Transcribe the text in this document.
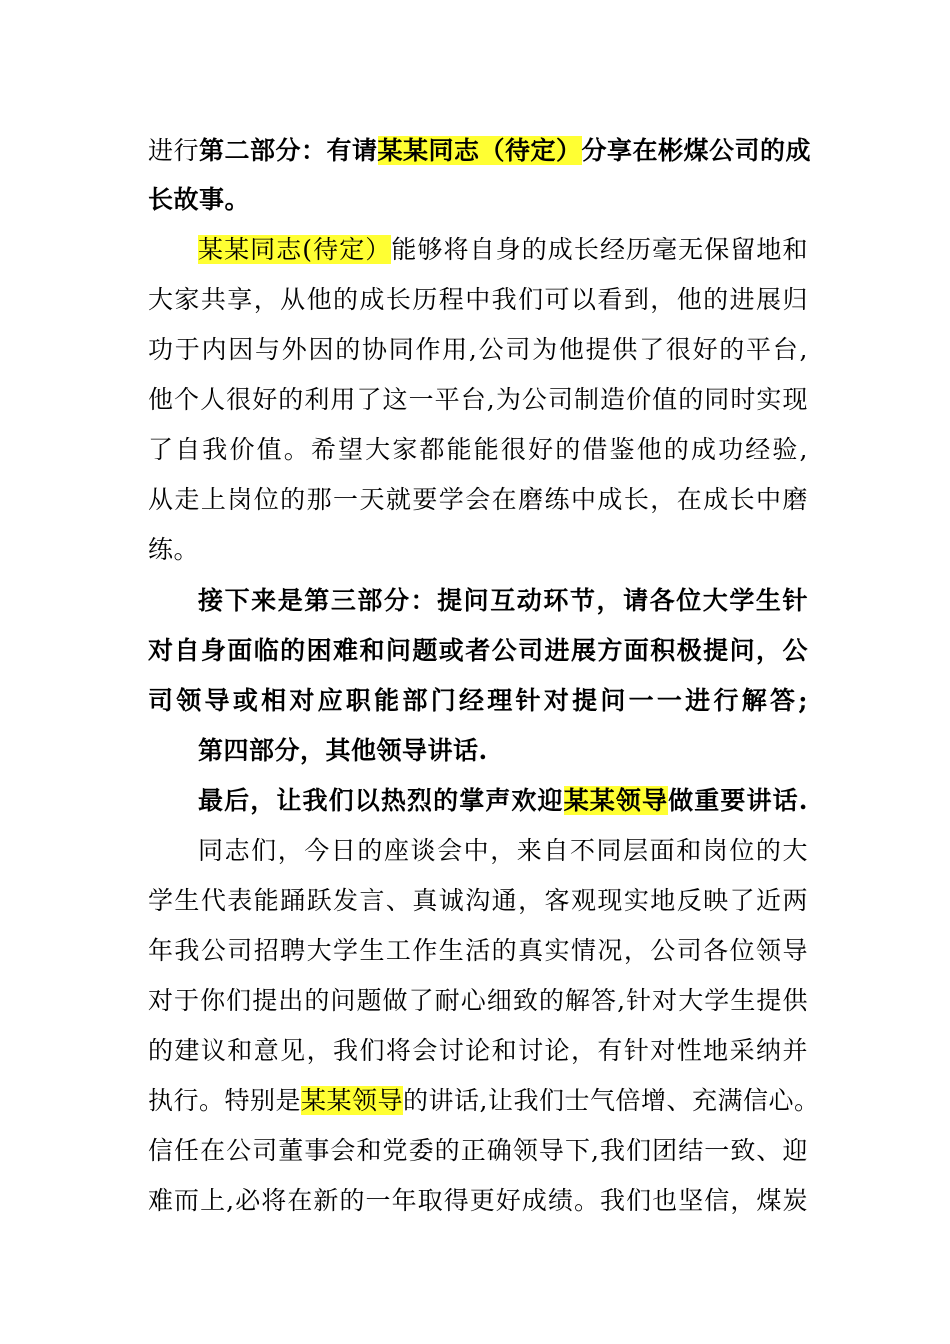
进行第二部分：有请某某同志（待定）分享在彬煤公司的成
长故事。
某某同志(待定）能够将自身的成长经历毫无保留地和
大家共享，从他的成长历程中我们可以看到，他的进展归
功于内因与外因的协同作用,公司为他提供了很好的平台,
他个人很好的利用了这一平台,为公司制造价值的同时实现
了自我价值。希望大家都能能很好的借鉴他的成功经验,
从走上岗位的那一天就要学会在磨练中成长，在成长中磨
练。
接下来是第三部分：提问互动环节，请各位大学生针
对自身面临的困难和问题或者公司进展方面积极提问，公
司领导或相对应职能部门经理针对提问一一进行解答;
第四部分，其他领导讲话.
最后，让我们以热烈的掌声欢迎某某领导做重要讲话.
同志们，今日的座谈会中，来自不同层面和岗位的大
学生代表能踊跃发言、真诚沟通，客观现实地反映了近两
年我公司招聘大学生工作生活的真实情况，公司各位领导
对于你们提出的问题做了耐心细致的解答,针对大学生提供
的建议和意见，我们将会讨论和讨论，有针对性地采纳并
执行。特别是某某领导的讲话,让我们士气倍增、充满信心。
信任在公司董事会和党委的正确领导下,我们团结一致、迎
难而上,必将在新的一年取得更好成绩。我们也坚信，煤炭
